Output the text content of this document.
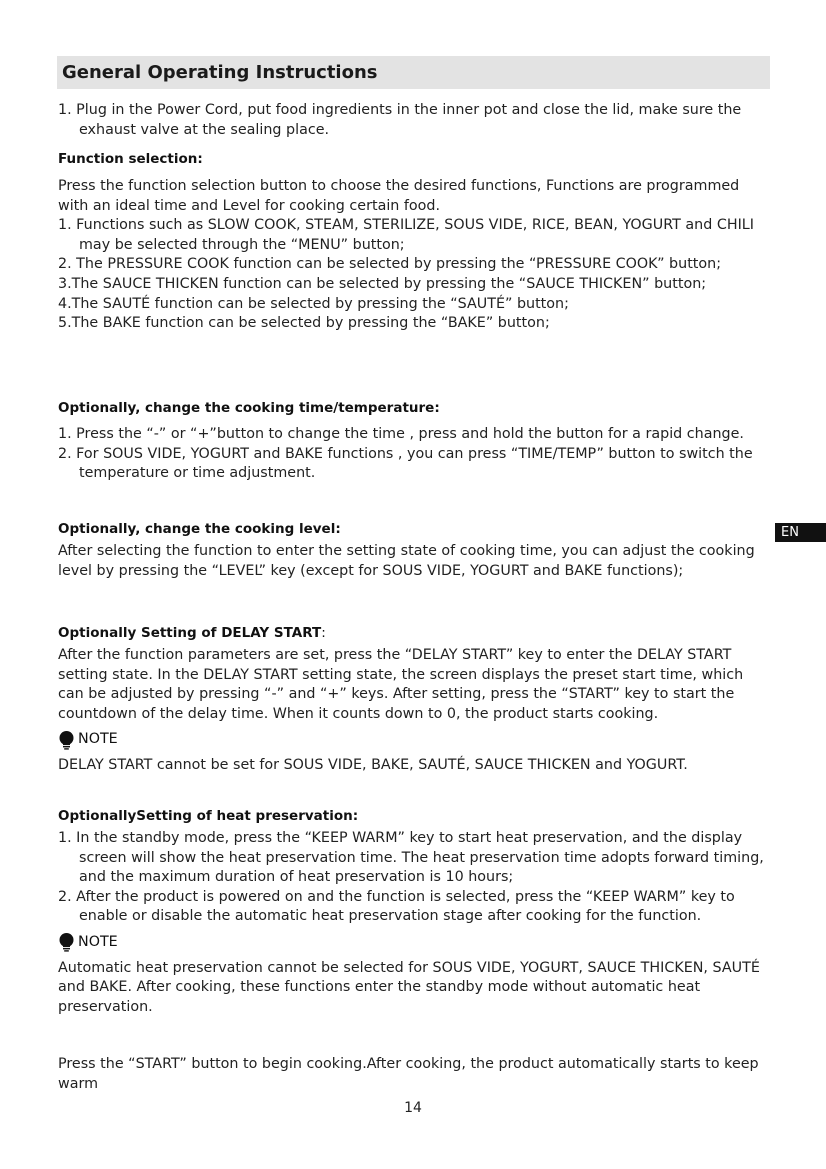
General Operating Instructions

1. Plug in the Power Cord, put food ingredients in the inner pot and close the lid, make sure the exhaust valve at the sealing place.

Function selection:

Press the function selection button to choose the desired functions, Functions are programmed with an ideal time and Level for cooking certain food.

1. Functions such as SLOW COOK, STEAM, STERILIZE, SOUS VIDE, RICE, BEAN, YOGURT and CHILI may be selected through the “MENU” button;

2. The PRESSURE COOK function can be selected by pressing the “PRESSURE COOK” button;

3.The SAUCE THICKEN function can be selected by pressing the “SAUCE THICKEN” button;

4.The SAUTÉ function can be selected by pressing the “SAUTÉ” button;

5.The BAKE function can be selected by pressing the “BAKE” button;

Optionally, change the cooking time/temperature:

1. Press the “-” or “+”button to change the time , press and hold the button for a rapid change.

2. For SOUS VIDE, YOGURT and BAKE functions , you can press “TIME/TEMP” button to switch the temperature or time adjustment.

Optionally, change the cooking level:

After selecting the function to enter the setting state of cooking time, you can adjust the cooking level by pressing the “LEVEL” key (except for SOUS VIDE, YOGURT and BAKE functions);

Optionally Setting of DELAY START:

After the function parameters are set, press the “DELAY START” key to enter the DELAY START setting state. In the DELAY START setting state, the screen displays the preset start time, which can be adjusted by pressing “-” and “+” keys. After setting, press the “START” key to start the countdown of the delay time. When it counts down to 0, the product starts cooking.

NOTE

DELAY START cannot be set for SOUS VIDE, BAKE, SAUTÉ, SAUCE THICKEN and YOGURT.

OptionallySetting of heat preservation:

1. In the standby mode, press the “KEEP WARM” key to start heat preservation, and the display screen will show the heat preservation time. The heat preservation time adopts forward timing, and the maximum duration of heat preservation is 10 hours;

2. After the product is powered on and the function is selected, press the “KEEP WARM” key to enable or disable the automatic heat preservation stage after cooking for the function.

NOTE

Automatic heat preservation cannot be selected for SOUS VIDE, YOGURT, SAUCE THICKEN, SAUTÉ and BAKE. After cooking, these functions enter the standby mode without automatic heat preservation.

Press the “START” button to begin cooking.After cooking, the product automatically starts to keep warm

EN
14
